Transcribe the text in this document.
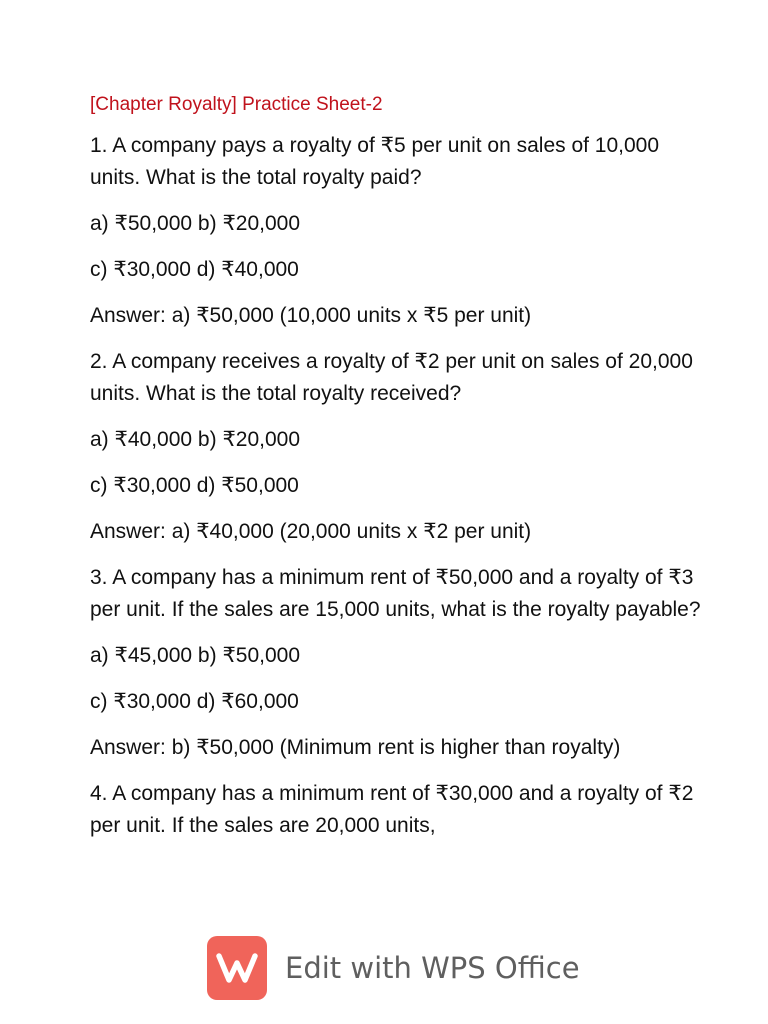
[Chapter Royalty] Practice Sheet-2
1. A company pays a royalty of ₹5 per unit on sales of 10,000 units. What is the total royalty paid?
a) ₹50,000 b) ₹20,000
c) ₹30,000 d) ₹40,000
Answer: a) ₹50,000 (10,000 units x ₹5 per unit)
2. A company receives a royalty of ₹2 per unit on sales of 20,000 units. What is the total royalty received?
a) ₹40,000 b) ₹20,000
c) ₹30,000 d) ₹50,000
Answer: a) ₹40,000 (20,000 units x ₹2 per unit)
3. A company has a minimum rent of ₹50,000 and a royalty of ₹3 per unit. If the sales are 15,000 units, what is the royalty payable?
a) ₹45,000 b) ₹50,000
c) ₹30,000 d) ₹60,000
Answer: b) ₹50,000 (Minimum rent is higher than royalty)
4. A company has a minimum rent of ₹30,000 and a royalty of ₹2 per unit. If the sales are 20,000 units,
Edit with WPS Office
